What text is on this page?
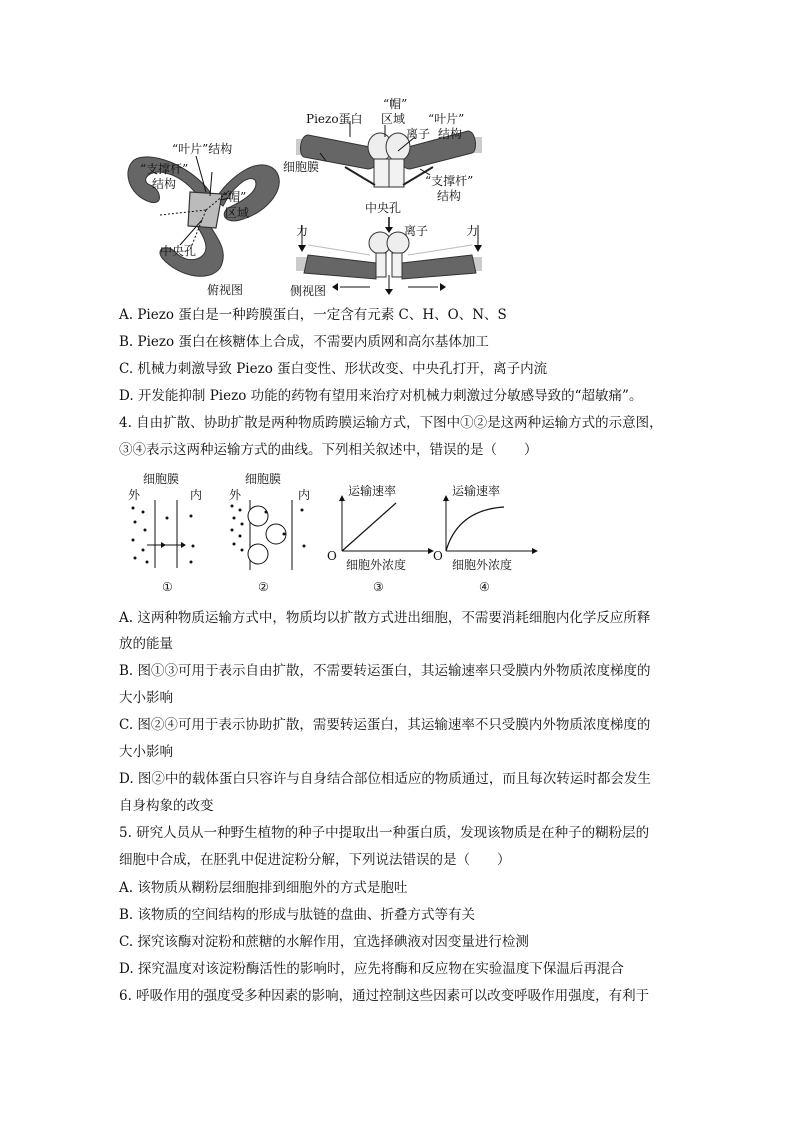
“叶片”结构
“支撑杆”
结构
“帽”
区域
中央孔
俯视图
“帽”
区域
Piezo蛋白	“叶片”
离子 结构
细胞膜
“支撑杆”
结构
中央孔
力	离子	力
侧视图
A. Piezo 蛋白是一种跨膜蛋白，一定含有元素 C、H、O、N、S
B. Piezo 蛋白在核糖体上合成，不需要内质网和高尔基体加工
C. 机械力刺激导致 Piezo 蛋白变性、形状改变、中央孔打开，离子内流
D. 开发能抑制 Piezo 功能的药物有望用来治疗对机械力刺激过分敏感导致的“超敏痛”。
4. 自由扩散、协助扩散是两种物质跨膜运输方式，下图中①②是这两种运输方式的示意图，
③④表示这两种运输方式的曲线。下列相关叙述中，错误的是（　　）
细胞膜
外	内
①
细胞膜
外	内
②
运输速率
O
细胞外浓度
③
运输速率
O
细胞外浓度
④
A. 这两种物质运输方式中，物质均以扩散方式进出细胞，不需要消耗细胞内化学反应所释
放的能量
B. 图①③可用于表示自由扩散，不需要转运蛋白，其运输速率只受膜内外物质浓度梯度的
大小影响
C. 图②④可用于表示协助扩散，需要转运蛋白，其运输速率不只受膜内外物质浓度梯度的
大小影响
D. 图②中的载体蛋白只容许与自身结合部位相适应的物质通过，而且每次转运时都会发生
自身构象的改变
5. 研究人员从一种野生植物的种子中提取出一种蛋白质，发现该物质是在种子的糊粉层的
细胞中合成，在胚乳中促进淀粉分解，下列说法错误的是（　　）
A. 该物质从糊粉层细胞排到细胞外的方式是胞吐
B. 该物质的空间结构的形成与肽链的盘曲、折叠方式等有关
C. 探究该酶对淀粉和蔗糖的水解作用，宜选择碘液对因变量进行检测
D. 探究温度对该淀粉酶活性的影响时，应先将酶和反应物在实验温度下保温后再混合
6. 呼吸作用的强度受多种因素的影响，通过控制这些因素可以改变呼吸作用强度，有利于
